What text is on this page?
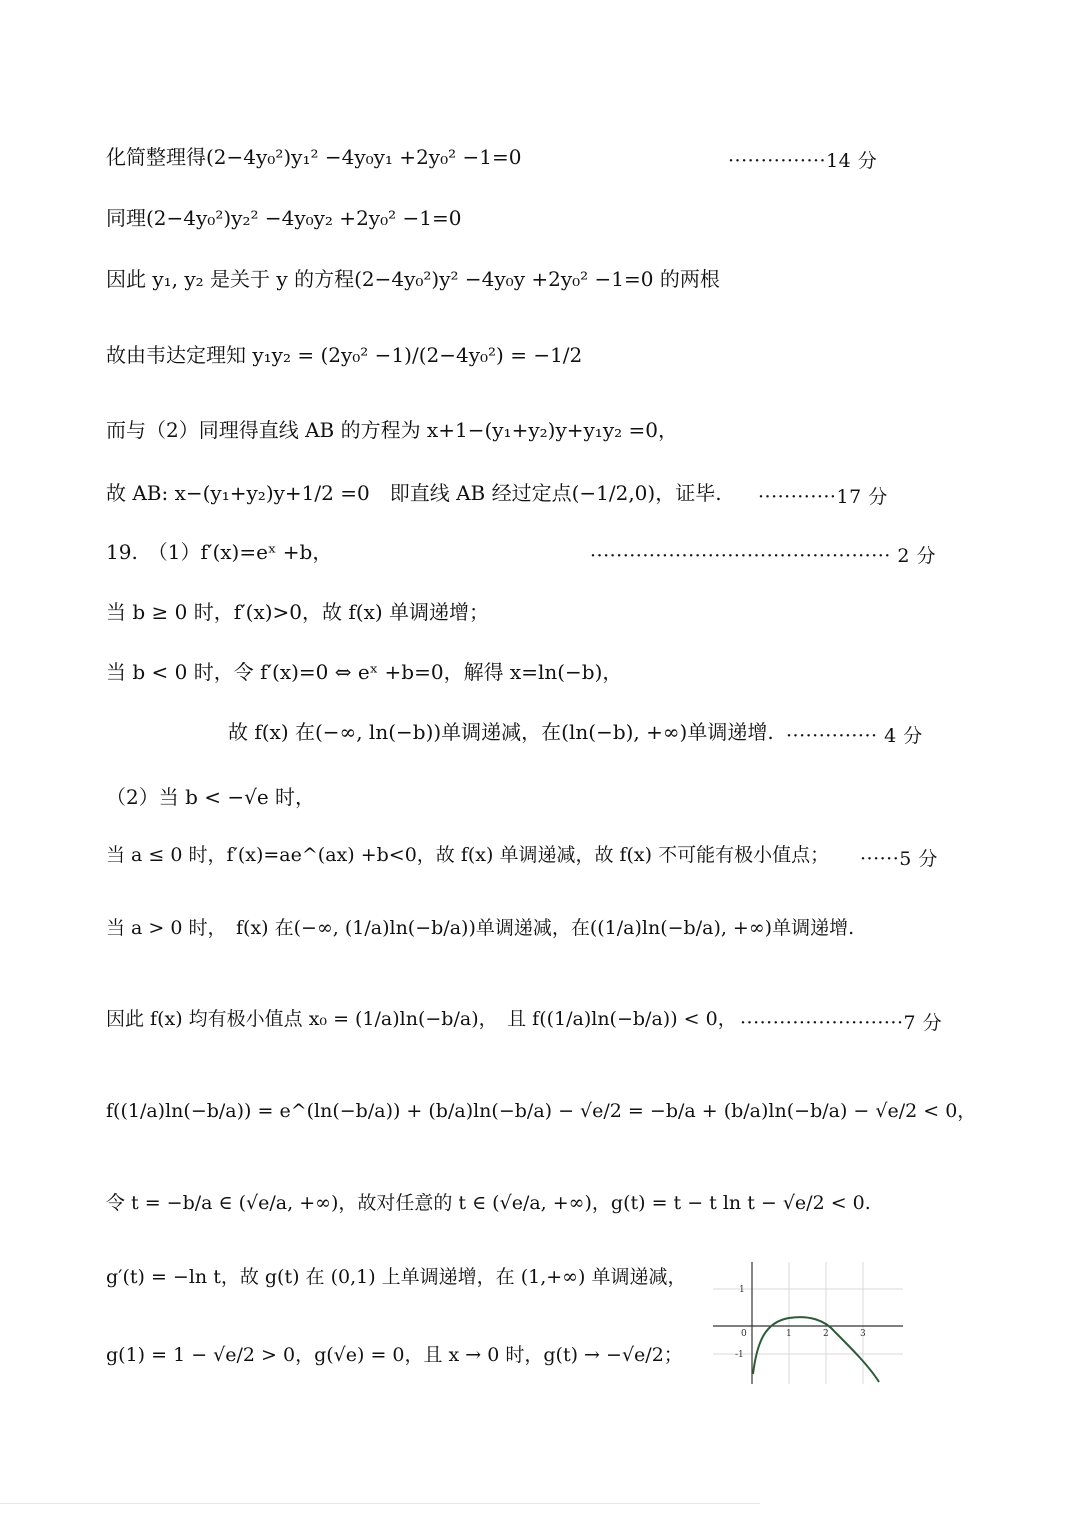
化简整理得(2−4y₀²)y₁² −4y₀y₁ +2y₀² −1=0	···············14 分
同理(2−4y₀²)y₂² −4y₀y₂ +2y₀² −1=0
因此 y₁, y₂ 是关于 y 的方程(2−4y₀²)y² −4y₀y +2y₀² −1=0 的两根
故由韦达定理知 y₁y₂ = (2y₀² −1)/(2−4y₀²) = −1/2
而与（2）同理得直线 AB 的方程为 x+1−(y₁+y₂)y+y₁y₂ =0，
故 AB: x−(y₁+y₂)y+1/2 =0　即直线 AB 经过定点(−1/2,0)，证毕. ············17 分
19.　（1）f′(x)=eˣ +b，	·············································· 2 分
当 b ≥ 0 时，f′(x)>0，故 f(x) 单调递增；
当 b < 0 时，令 f′(x)=0 ⇔ eˣ +b=0，解得 x=ln(−b)，
故 f(x) 在(−∞, ln(−b))单调递减，在(ln(−b), +∞)单调递增. ·············· 4 分
（2）当 b < −√e 时，
当 a ≤ 0 时，f′(x)=ae^(ax) +b<0，故 f(x) 单调递减，故 f(x) 不可能有极小值点； ······5 分
当 a > 0 时，　f(x) 在(−∞, (1/a)ln(−b/a))单调递减，在((1/a)ln(−b/a), +∞)单调递增.
因此 f(x) 均有极小值点 x₀ = (1/a)ln(−b/a)，　且 f((1/a)ln(−b/a)) < 0， ·························7 分
f((1/a)ln(−b/a)) = e^(ln(−b/a)) + (b/a)ln(−b/a) − √e/2 = −b/a + (b/a)ln(−b/a) − √e/2 < 0，
令 t = −b/a ∈ (√e/a, +∞)，故对任意的 t ∈ (√e/a, +∞)，g(t) = t − t ln t − √e/2 < 0.
g′(t) = −ln t，故 g(t) 在 (0,1) 上单调递增，在 (1,+∞) 单调递减，
g(1) = 1 − √e/2 > 0，g(√e) = 0，且 x → 0 时，g(t) → −√e/2；
0	1	2	3
1
-1
